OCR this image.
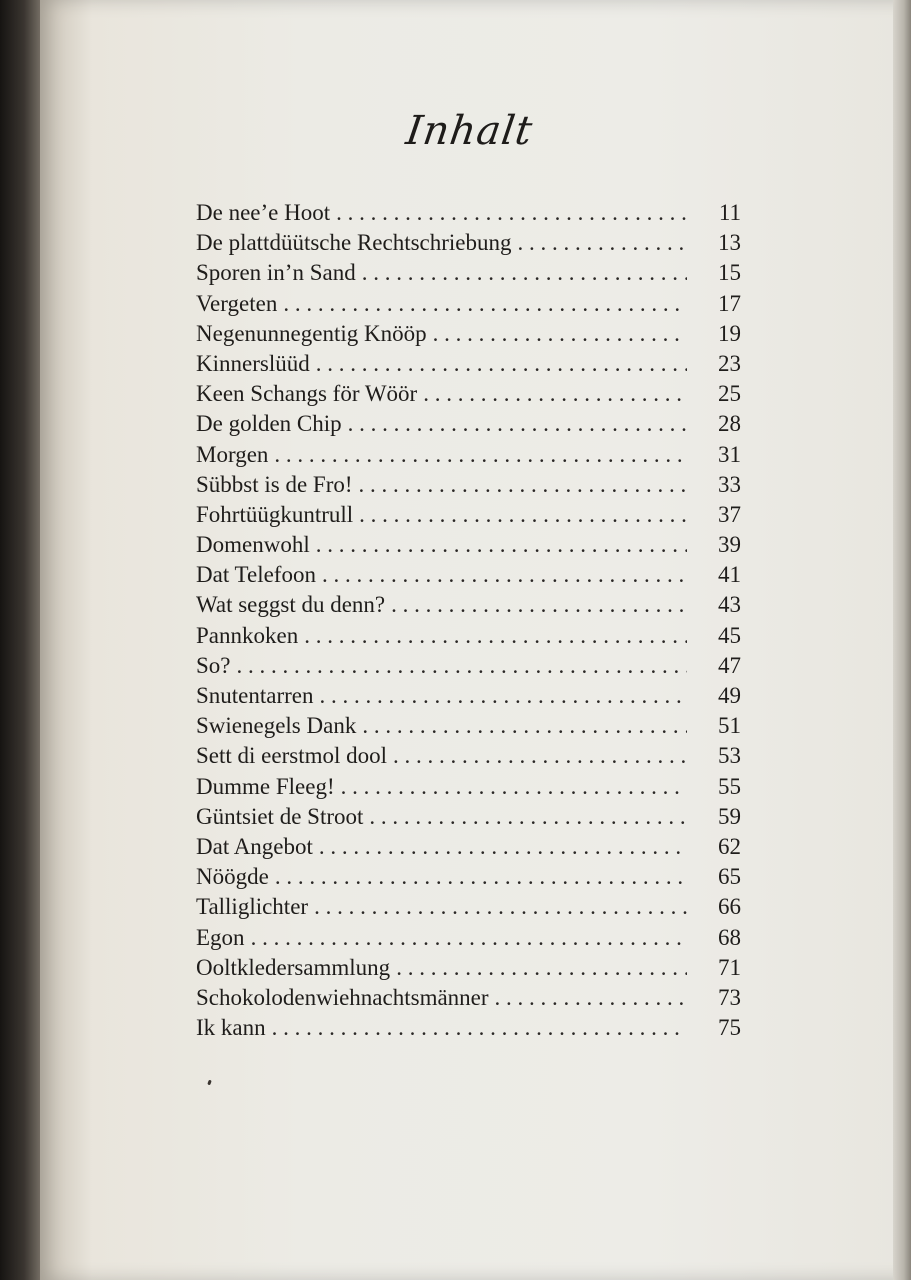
Inhalt
De nee’e Hoot . . .	11
De plattdüütsche Rechtschriebung . . .	13
Sporen in’n Sand . . .	15
Vergeten . . .	17
Negenunnegentig Knööp . . .	19
Kinnerslüüd . . .	23
Keen Schangs för Wöör . . .	25
De golden Chip . . .	28
Morgen . . .	31
Sübbst is de Fro! . . .	33
Fohrtüügkuntrull . . .	37
Domenwohl . . .	39
Dat Telefoon . . .	41
Wat seggst du denn? . . .	43
Pannkoken . . .	45
So? . . .	47
Snutentarren . . .	49
Swienegels Dank . . .	51
Sett di eerstmol dool . . .	53
Dumme Fleeg! . . .	55
Güntsiet de Stroot . . .	59
Dat Angebot . . .	62
Nöögde . . .	65
Talliglichter . . .	66
Egon . . .	68
Ooltkledersammlung . . .	71
Schokolodenwiehnachtsmänner . . .	73
Ik kann . . .	75
